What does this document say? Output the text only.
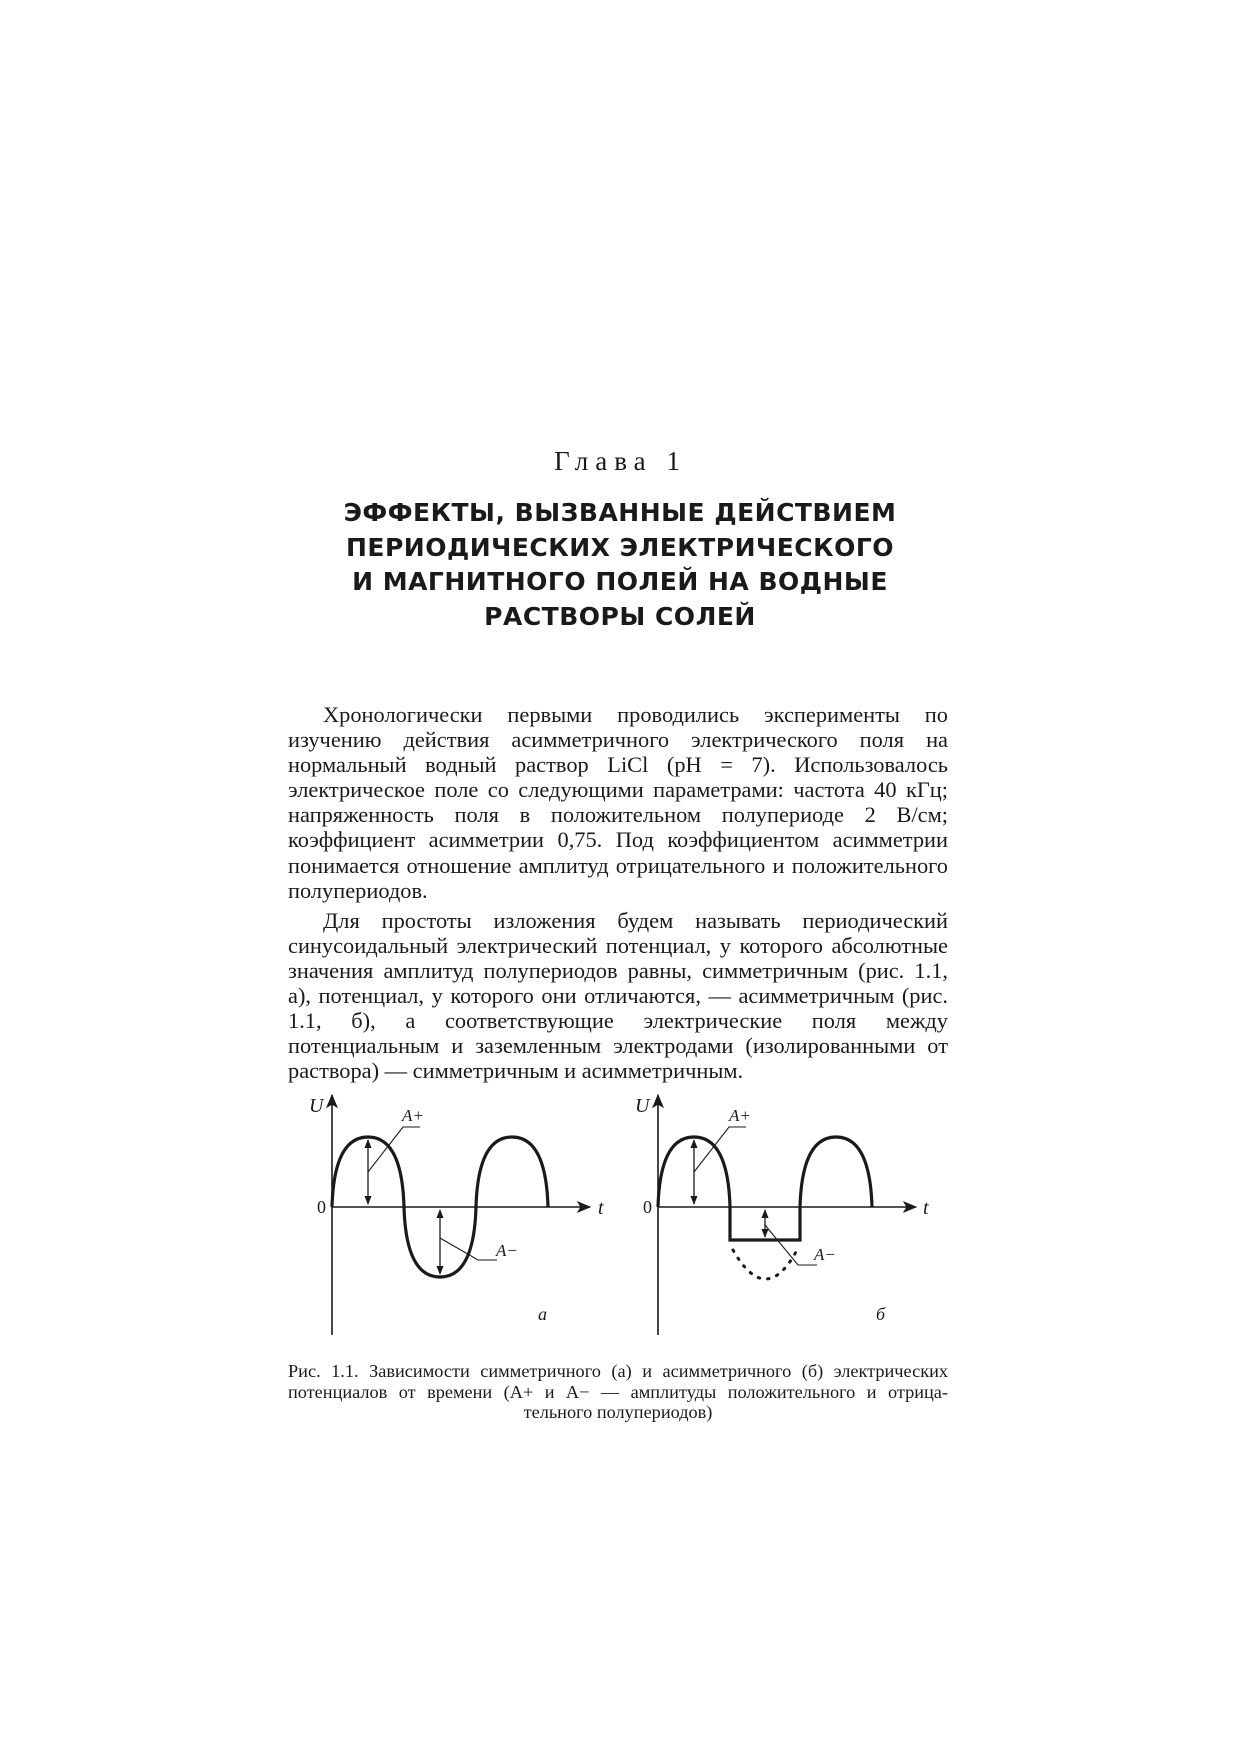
Глава 1
ЭФФЕКТЫ, ВЫЗВАННЫЕ ДЕЙСТВИЕМ
ПЕРИОДИЧЕСКИХ ЭЛЕКТРИЧЕСКОГО
И МАГНИТНОГО ПОЛЕЙ НА ВОДНЫЕ
РАСТВОРЫ СОЛЕЙ

Хронологически первыми проводились эксперименты по изучению действия асимметричного электрического поля на нормальный водный раствор LiCl (pH = 7). Использовалось электрическое поле со следующими параметрами: частота 40 кГц; напряженность поля в положительном полупериоде 2 В/см; коэффициент асимметрии 0,75. Под коэффициентом асимметрии понимается отношение амплитуд отрицательного и положительного полупериодов.

Для простоты изложения будем называть периодический синусоидальный электрический потенциал, у которого абсолютные значения амплитуд полупериодов равны, симметричным (рис. 1.1, а), потенциал, у которого они отличаются, — асимметричным (рис. 1.1, б), а соответствующие электрические поля между потенциальным и заземленным электродами (изолированными от раствора) — симметричным и асимметричным.

U
t
0
A+
A−
а
U
t
0
A+
A−
б
Рис. 1.1. Зависимости симметричного (а) и асимметричного (б) электрических
потенциалов от времени (A+ и A− — амплитуды положительного и отрица-
тельного полупериодов)
